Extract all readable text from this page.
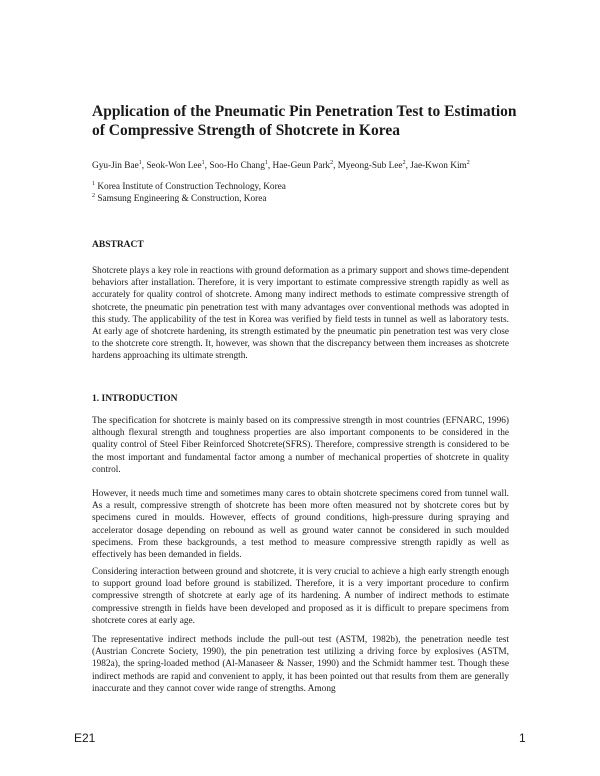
Application of the Pneumatic Pin Penetration Test to Estimation of Compressive Strength of Shotcrete in Korea
Gyu-Jin Bae$^1$, Seok-Won Lee$^1$, Soo-Ho Chang$^1$, Hae-Geun Park$^2$, Myeong-Sub Lee$^2$, Jae-Kwon Kim$^2$
$^1$ Korea Institute of Construction Technology, Korea
$^2$ Samsung Engineering & Construction, Korea
ABSTRACT
Shotcrete plays a key role in reactions with ground deformation as a primary support and shows time-dependent behaviors after installation. Therefore, it is very important to estimate compressive strength rapidly as well as accurately for quality control of shotcrete. Among many indirect methods to estimate compressive strength of shotcrete, the pneumatic pin penetration test with many advantages over conventional methods was adopted in this study. The applicability of the test in Korea was verified by field tests in tunnel as well as laboratory tests. At early age of shotcrete hardening, its strength estimated by the pneumatic pin penetration test was very close to the shotcrete core strength. It, however, was shown that the discrepancy between them increases as shotcrete hardens approaching its ultimate strength.
1. INTRODUCTION
The specification for shotcrete is mainly based on its compressive strength in most countries (EFNARC, 1996) although flexural strength and toughness properties are also important components to be considered in the quality control of Steel Fiber Reinforced Shotcrete(SFRS). Therefore, compressive strength is considered to be the most important and fundamental factor among a number of mechanical properties of shotcrete in quality control.
However, it needs much time and sometimes many cares to obtain shotcrete specimens cored from tunnel wall. As a result, compressive strength of shotcrete has been more often measured not by shotcrete cores but by specimens cured in moulds. However, effects of ground conditions, high-pressure during spraying and accelerator dosage depending on rebound as well as ground water cannot be considered in such moulded specimens. From these backgrounds, a test method to measure compressive strength rapidly as well as effectively has been demanded in fields.
Considering interaction between ground and shotcrete, it is very crucial to achieve a high early strength enough to support ground load before ground is stabilized. Therefore, it is a very important procedure to confirm compressive strength of shotcrete at early age of its hardening. A number of indirect methods to estimate compressive strength in fields have been developed and proposed as it is difficult to prepare specimens from shotcrete cores at early age.
The representative indirect methods include the pull-out test (ASTM, 1982b), the penetration needle test (Austrian Concrete Society, 1990), the pin penetration test utilizing a driving force by explosives (ASTM, 1982a), the spring-loaded method (Al-Manaseer & Nasser, 1990) and the Schmidt hammer test. Though these indirect methods are rapid and convenient to apply, it has been pointed out that results from them are generally inaccurate and they cannot cover wide range of strengths. Among
E21	1
